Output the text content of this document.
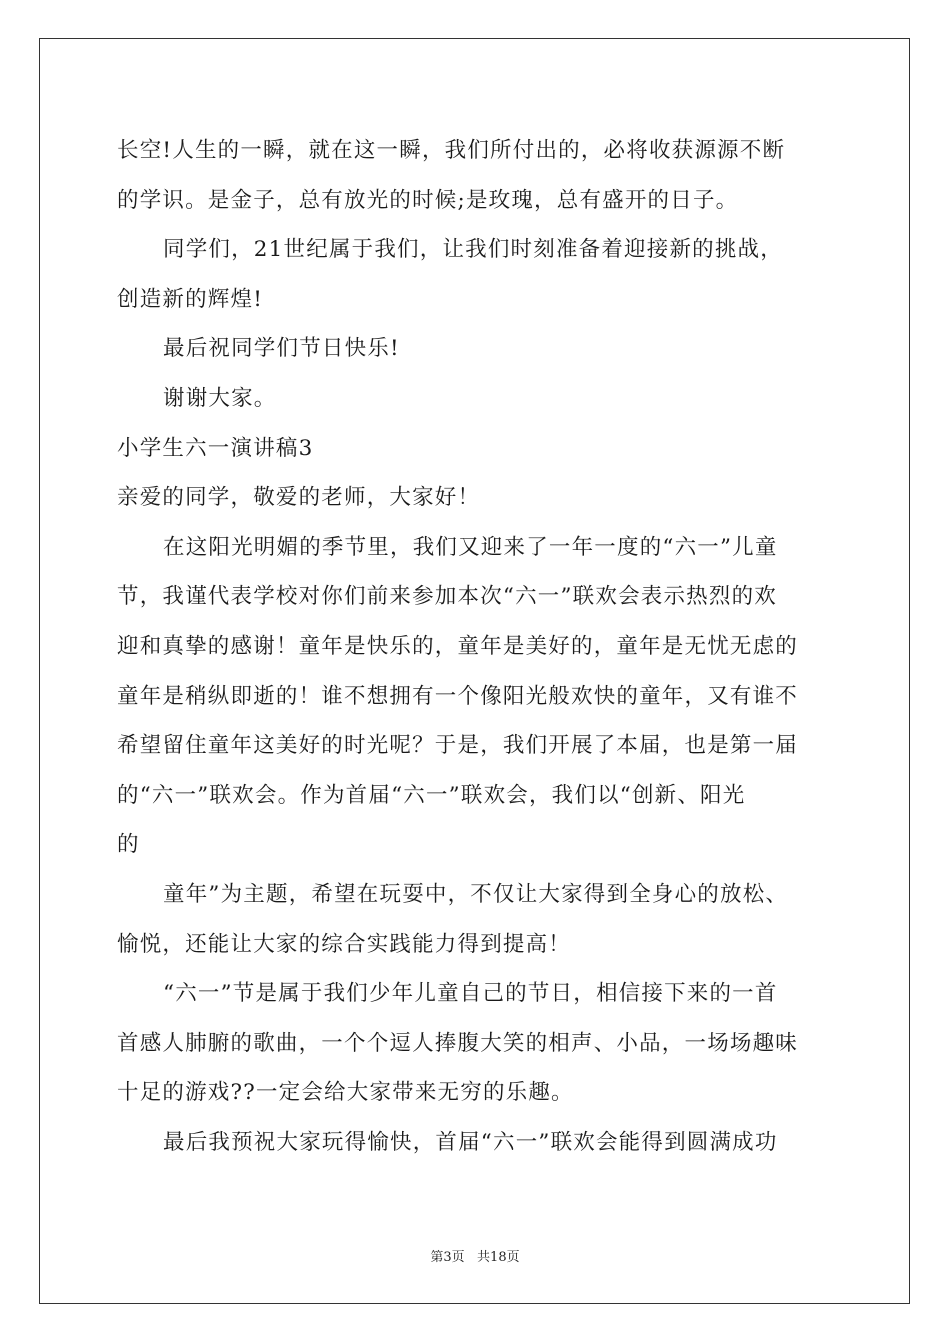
长空!人生的一瞬，就在这一瞬，我们所付出的，必将收获源源不断
的学识。是金子，总有放光的时候;是玫瑰，总有盛开的日子。
同学们，21世纪属于我们，让我们时刻准备着迎接新的挑战，
创造新的辉煌!
最后祝同学们节日快乐!
谢谢大家。
小学生六一演讲稿3
亲爱的同学，敬爱的老师，大家好！
在这阳光明媚的季节里，我们又迎来了一年一度的“六一”儿童
节，我谨代表学校对你们前来参加本次“六一”联欢会表示热烈的欢
迎和真挚的感谢！童年是快乐的，童年是美好的，童年是无忧无虑的
童年是稍纵即逝的！谁不想拥有一个像阳光般欢快的童年，又有谁不
希望留住童年这美好的时光呢？于是，我们开展了本届，也是第一届
的“六一”联欢会。作为首届“六一”联欢会，我们以“创新、阳光
的
童年”为主题，希望在玩耍中，不仅让大家得到全身心的放松、
愉悦，还能让大家的综合实践能力得到提高！
“六一”节是属于我们少年儿童自己的节日，相信接下来的一首
首感人肺腑的歌曲，一个个逗人捧腹大笑的相声、小品，一场场趣味
十足的游戏??一定会给大家带来无穷的乐趣。
最后我预祝大家玩得愉快，首届“六一”联欢会能得到圆满成功
第3页   共18页
